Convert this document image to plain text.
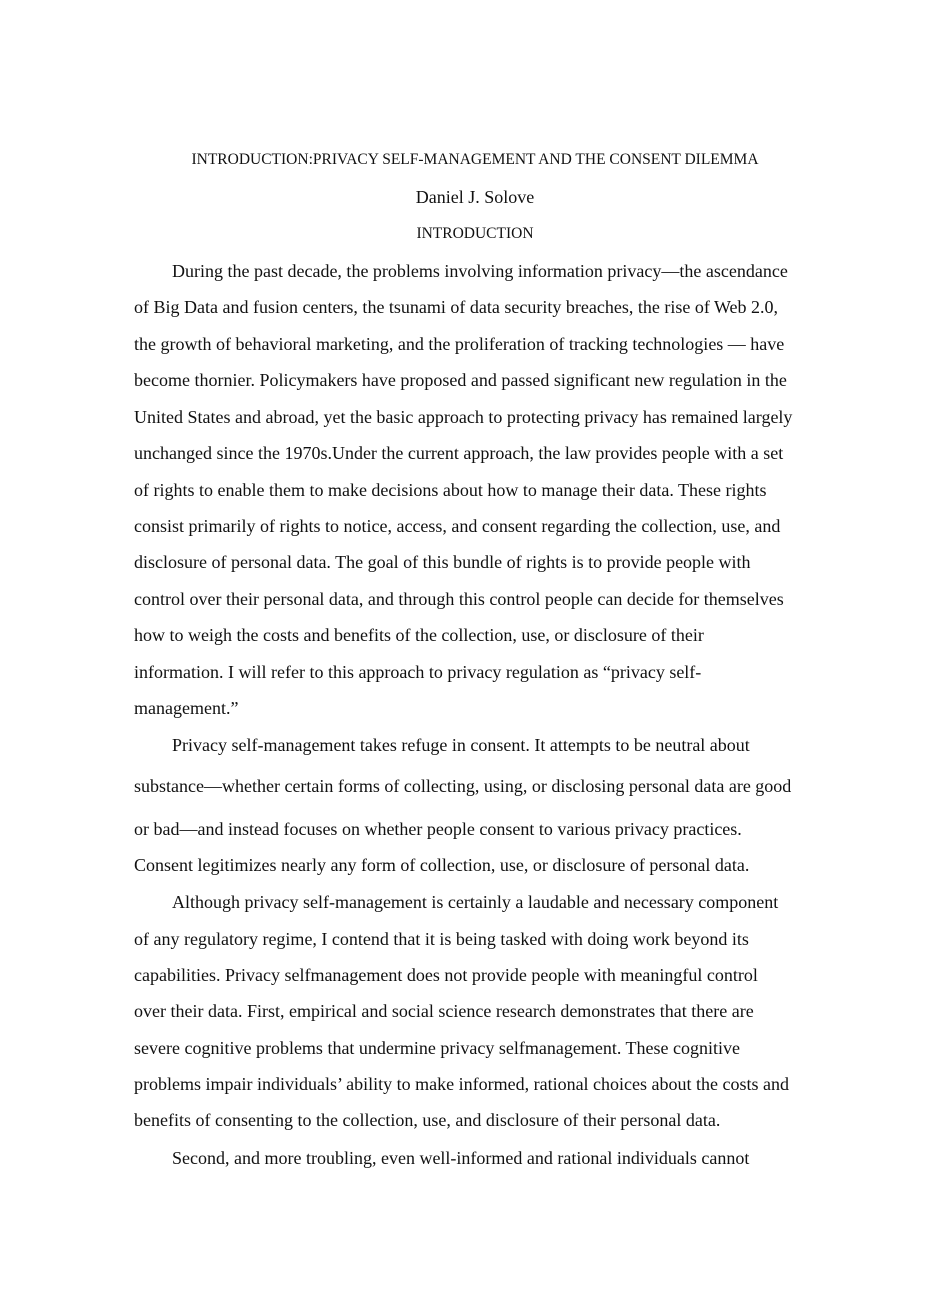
INTRODUCTION:PRIVACY SELF-MANAGEMENT AND THE CONSENT DILEMMA
Daniel J. Solove
INTRODUCTION
During the past decade, the problems involving information privacy—the ascendance
of Big Data and fusion centers, the tsunami of data security breaches, the rise of Web 2.0,
the growth of behavioral marketing, and the proliferation of tracking technologies — have
become thornier. Policymakers have proposed and passed significant new regulation in the
United States and abroad, yet the basic approach to protecting privacy has remained largely
unchanged since the 1970s.Under the current approach, the law provides people with a set
of rights to enable them to make decisions about how to manage their data. These rights
consist primarily of rights to notice, access, and consent regarding the collection, use, and
disclosure of personal data. The goal of this bundle of rights is to provide people with
control over their personal data, and through this control people can decide for themselves
how to weigh the costs and benefits of the collection, use, or disclosure of their
information. I will refer to this approach to privacy regulation as “privacy self-
management.”
Privacy self-management takes refuge in consent. It attempts to be neutral about
substance—whether certain forms of collecting, using, or disclosing personal data are good
or bad—and instead focuses on whether people consent to various privacy practices.
Consent legitimizes nearly any form of collection, use, or disclosure of personal data.
Although privacy self-management is certainly a laudable and necessary component
of any regulatory regime, I contend that it is being tasked with doing work beyond its
capabilities. Privacy selfmanagement does not provide people with meaningful control
over their data. First, empirical and social science research demonstrates that there are
severe cognitive problems that undermine privacy selfmanagement. These cognitive
problems impair individuals’ ability to make informed, rational choices about the costs and
benefits of consenting to the collection, use, and disclosure of their personal data.
Second, and more troubling, even well-informed and rational individuals cannot
